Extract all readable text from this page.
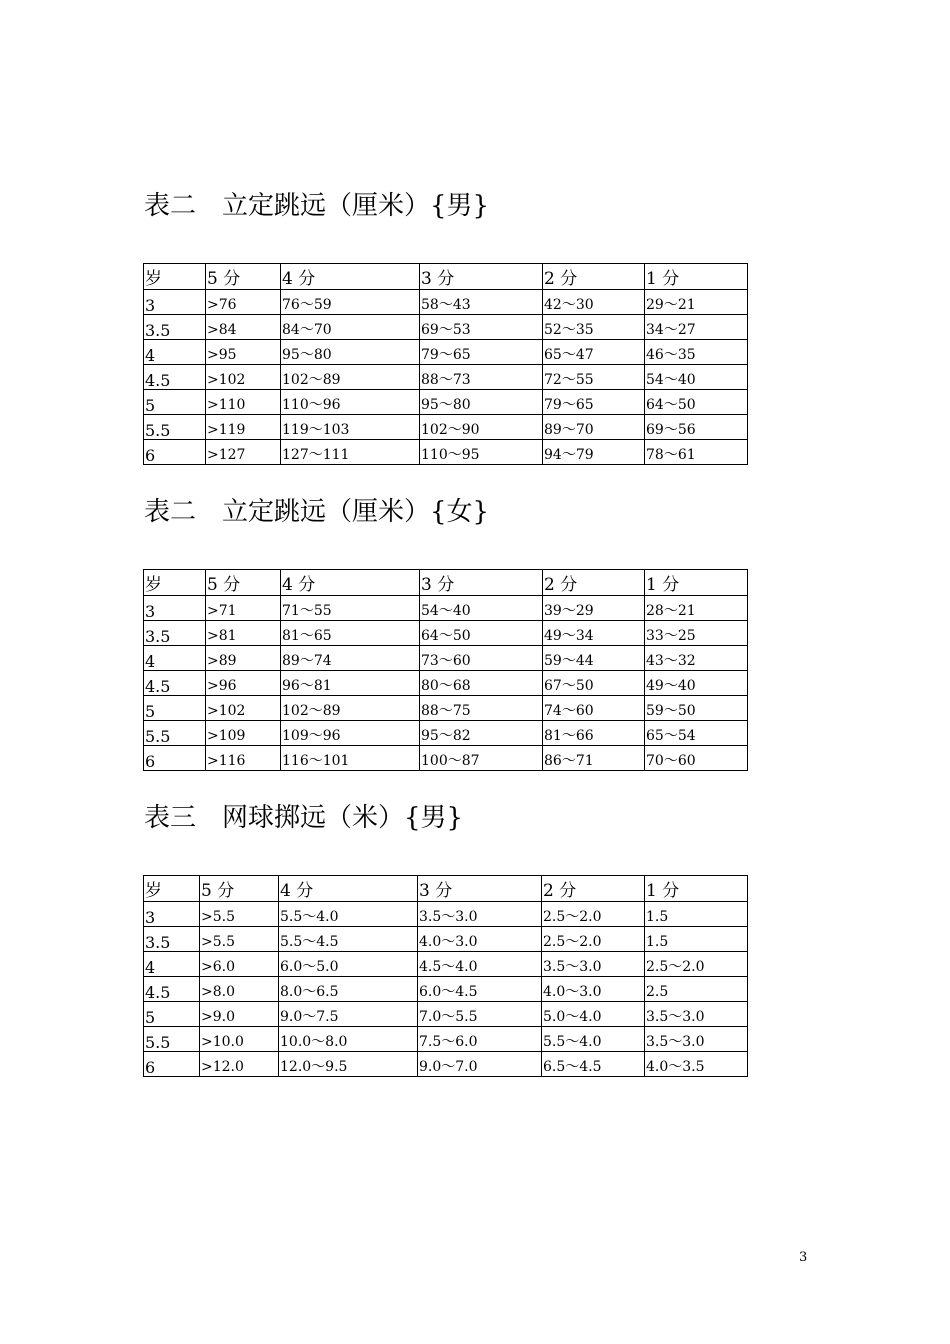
表二　立定跳远（厘米）{男}
岁	5 分	4 分	3 分	2 分	1 分
3	>76	76～59	58～43	42～30	29～21
3.5	>84	84～70	69～53	52～35	34～27
4	>95	95～80	79～65	65～47	46～35
4.5	>102	102～89	88～73	72～55	54～40
5	>110	110～96	95～80	79～65	64～50
5.5	>119	119～103	102～90	89～70	69～56
6	>127	127～111	110～95	94～79	78～61
表二　立定跳远（厘米）{女}
岁	5 分	4 分	3 分	2 分	1 分
3	>71	71～55	54～40	39～29	28～21
3.5	>81	81～65	64～50	49～34	33～25
4	>89	89～74	73～60	59～44	43～32
4.5	>96	96～81	80～68	67～50	49～40
5	>102	102～89	88～75	74～60	59～50
5.5	>109	109～96	95～82	81～66	65～54
6	>116	116～101	100～87	86～71	70～60
表三　网球掷远（米）{男}
岁	5 分	4 分	3 分	2 分	1 分
3	>5.5	5.5～4.0	3.5～3.0	2.5～2.0	1.5
3.5	>5.5	5.5～4.5	4.0～3.0	2.5～2.0	1.5
4	>6.0	6.0～5.0	4.5～4.0	3.5～3.0	2.5～2.0
4.5	>8.0	8.0～6.5	6.0～4.5	4.0～3.0	2.5
5	>9.0	9.0～7.5	7.0～5.5	5.0～4.0	3.5～3.0
5.5	>10.0	10.0～8.0	7.5～6.0	5.5～4.0	3.5～3.0
6	>12.0	12.0～9.5	9.0～7.0	6.5～4.5	4.0～3.5
3
